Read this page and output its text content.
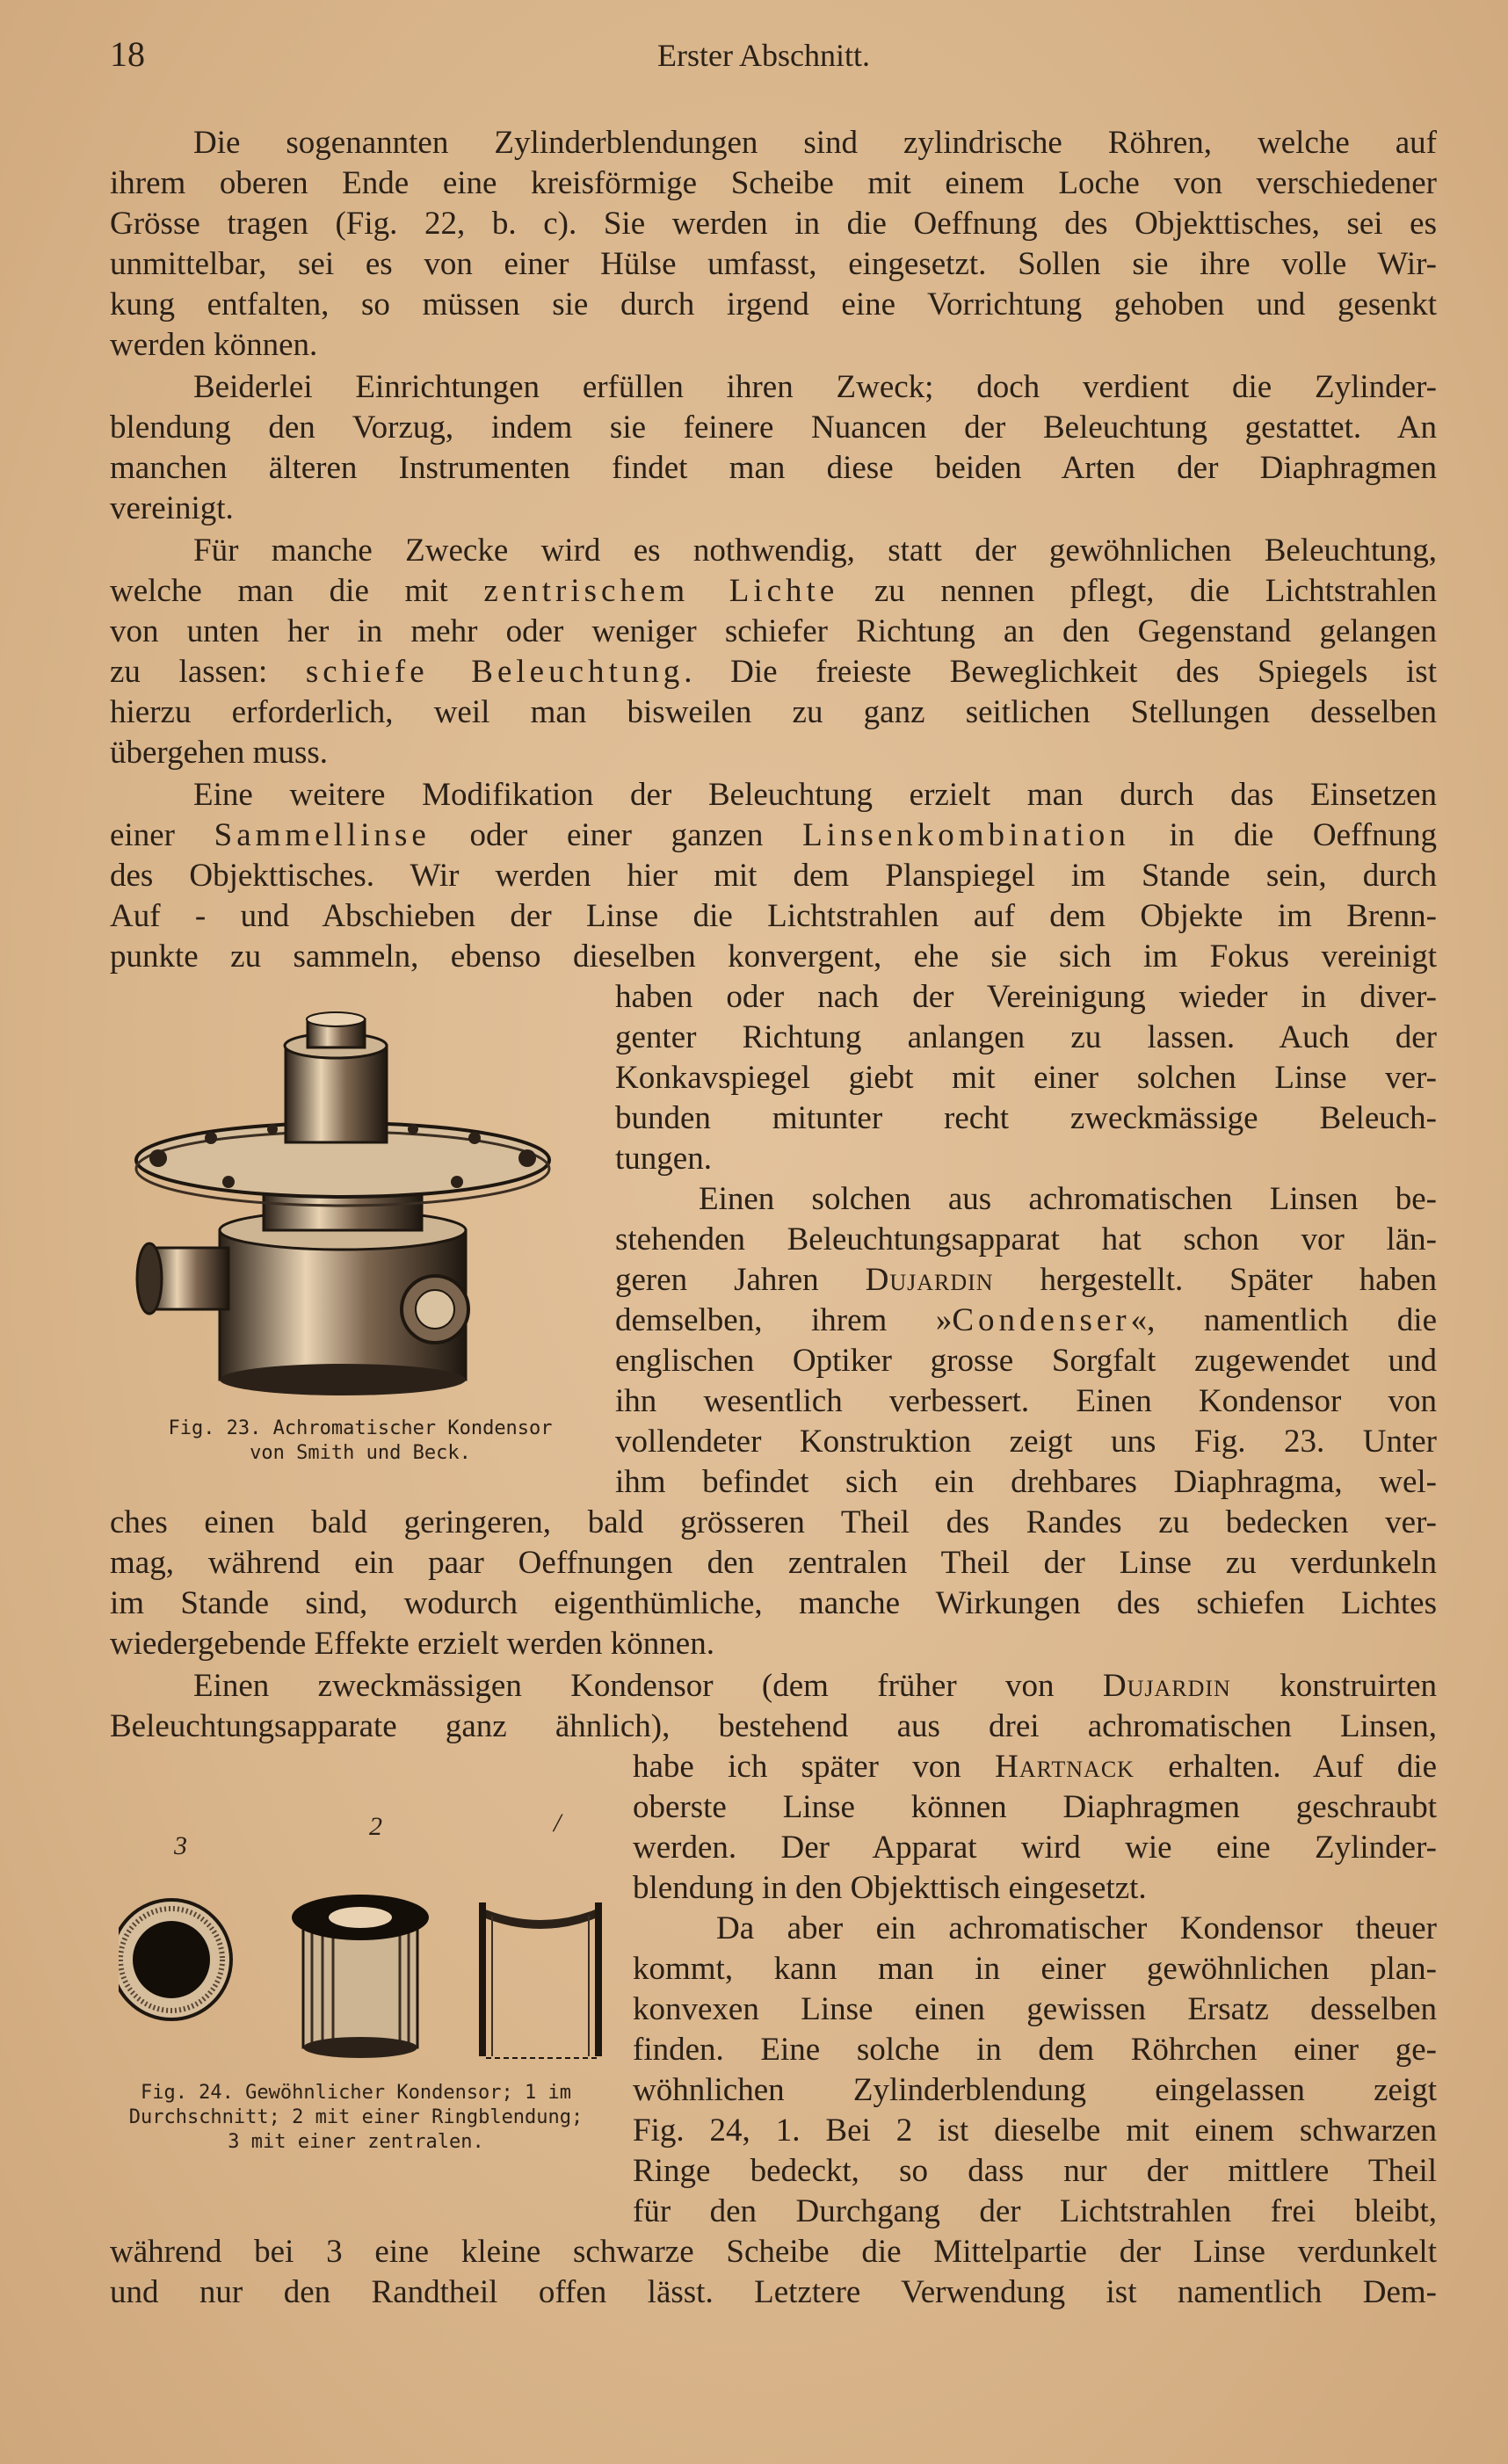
18	Erster Abschnitt.
Die sogenannten Zylinderblendungen sind zylindrische Röhren, welche auf
ihrem oberen Ende eine kreisförmige Scheibe mit einem Loche von verschiedener
Grösse tragen (Fig. 22, b. c). Sie werden in die Oeffnung des Objekttisches, sei es
unmittelbar, sei es von einer Hülse umfasst, eingesetzt. Sollen sie ihre volle Wir-
kung entfalten, so müssen sie durch irgend eine Vorrichtung gehoben und gesenkt
werden können.
Beiderlei Einrichtungen erfüllen ihren Zweck; doch verdient die Zylinder-
blendung den Vorzug, indem sie feinere Nuancen der Beleuchtung gestattet. An
manchen älteren Instrumenten findet man diese beiden Arten der Diaphragmen
vereinigt.
Für manche Zwecke wird es nothwendig, statt der gewöhnlichen Beleuchtung,
welche man die mit zentrischem Lichte zu nennen pflegt, die Lichtstrahlen
von unten her in mehr oder weniger schiefer Richtung an den Gegenstand gelangen
zu lassen: schiefe Beleuchtung. Die freieste Beweglichkeit des Spiegels ist
hierzu erforderlich, weil man bisweilen zu ganz seitlichen Stellungen desselben
übergehen muss.
Eine weitere Modifikation der Beleuchtung erzielt man durch das Einsetzen
einer Sammellinse oder einer ganzen Linsenkombination in die Oeffnung
des Objekttisches. Wir werden hier mit dem Planspiegel im Stande sein, durch
Auf - und Abschieben der Linse die Lichtstrahlen auf dem Objekte im Brenn-
punkte zu sammeln, ebenso dieselben konvergent, ehe sie sich im Fokus vereinigt
haben oder nach der Vereinigung wieder in diver-
genter Richtung anlangen zu lassen. Auch der
Konkavspiegel giebt mit einer solchen Linse ver-
bunden mitunter recht zweckmässige Beleuch-
tungen.
Einen solchen aus achromatischen Linsen be-
stehenden Beleuchtungsapparat hat schon vor län-
geren Jahren Dujardin hergestellt. Später haben
demselben, ihrem »Condenser«, namentlich die
englischen Optiker grosse Sorgfalt zugewendet und
ihn wesentlich verbessert. Einen Kondensor von
vollendeter Konstruktion zeigt uns Fig. 23. Unter
ihm befindet sich ein drehbares Diaphragma, wel-
ches einen bald geringeren, bald grösseren Theil des Randes zu bedecken ver-
mag, während ein paar Oeffnungen den zentralen Theil der Linse zu verdunkeln
im Stande sind, wodurch eigenthümliche, manche Wirkungen des schiefen Lichtes
wiedergebende Effekte erzielt werden können.
Einen zweckmässigen Kondensor (dem früher von Dujardin konstruirten
Beleuchtungsapparate ganz ähnlich), bestehend aus drei achromatischen Linsen,
habe ich später von Hartnack erhalten. Auf die
oberste Linse können Diaphragmen geschraubt
werden. Der Apparat wird wie eine Zylinder-
blendung in den Objekttisch eingesetzt.
Da aber ein achromatischer Kondensor theuer
kommt, kann man in einer gewöhnlichen plan-
konvexen Linse einen gewissen Ersatz desselben
finden. Eine solche in dem Röhrchen einer ge-
wöhnlichen Zylinderblendung eingelassen zeigt
Fig. 24, 1. Bei 2 ist dieselbe mit einem schwarzen
Ringe bedeckt, so dass nur der mittlere Theil
für den Durchgang der Lichtstrahlen frei bleibt,
während bei 3 eine kleine schwarze Scheibe die Mittelpartie der Linse verdunkelt
und nur den Randtheil offen lässt. Letztere Verwendung ist namentlich Dem-
Fig. 23. Achromatischer Kondensor
von Smith und Beck.
3
2	/
Fig. 24. Gewöhnlicher Kondensor; 1 im
Durchschnitt; 2 mit einer Ringblendung;
3 mit einer zentralen.
